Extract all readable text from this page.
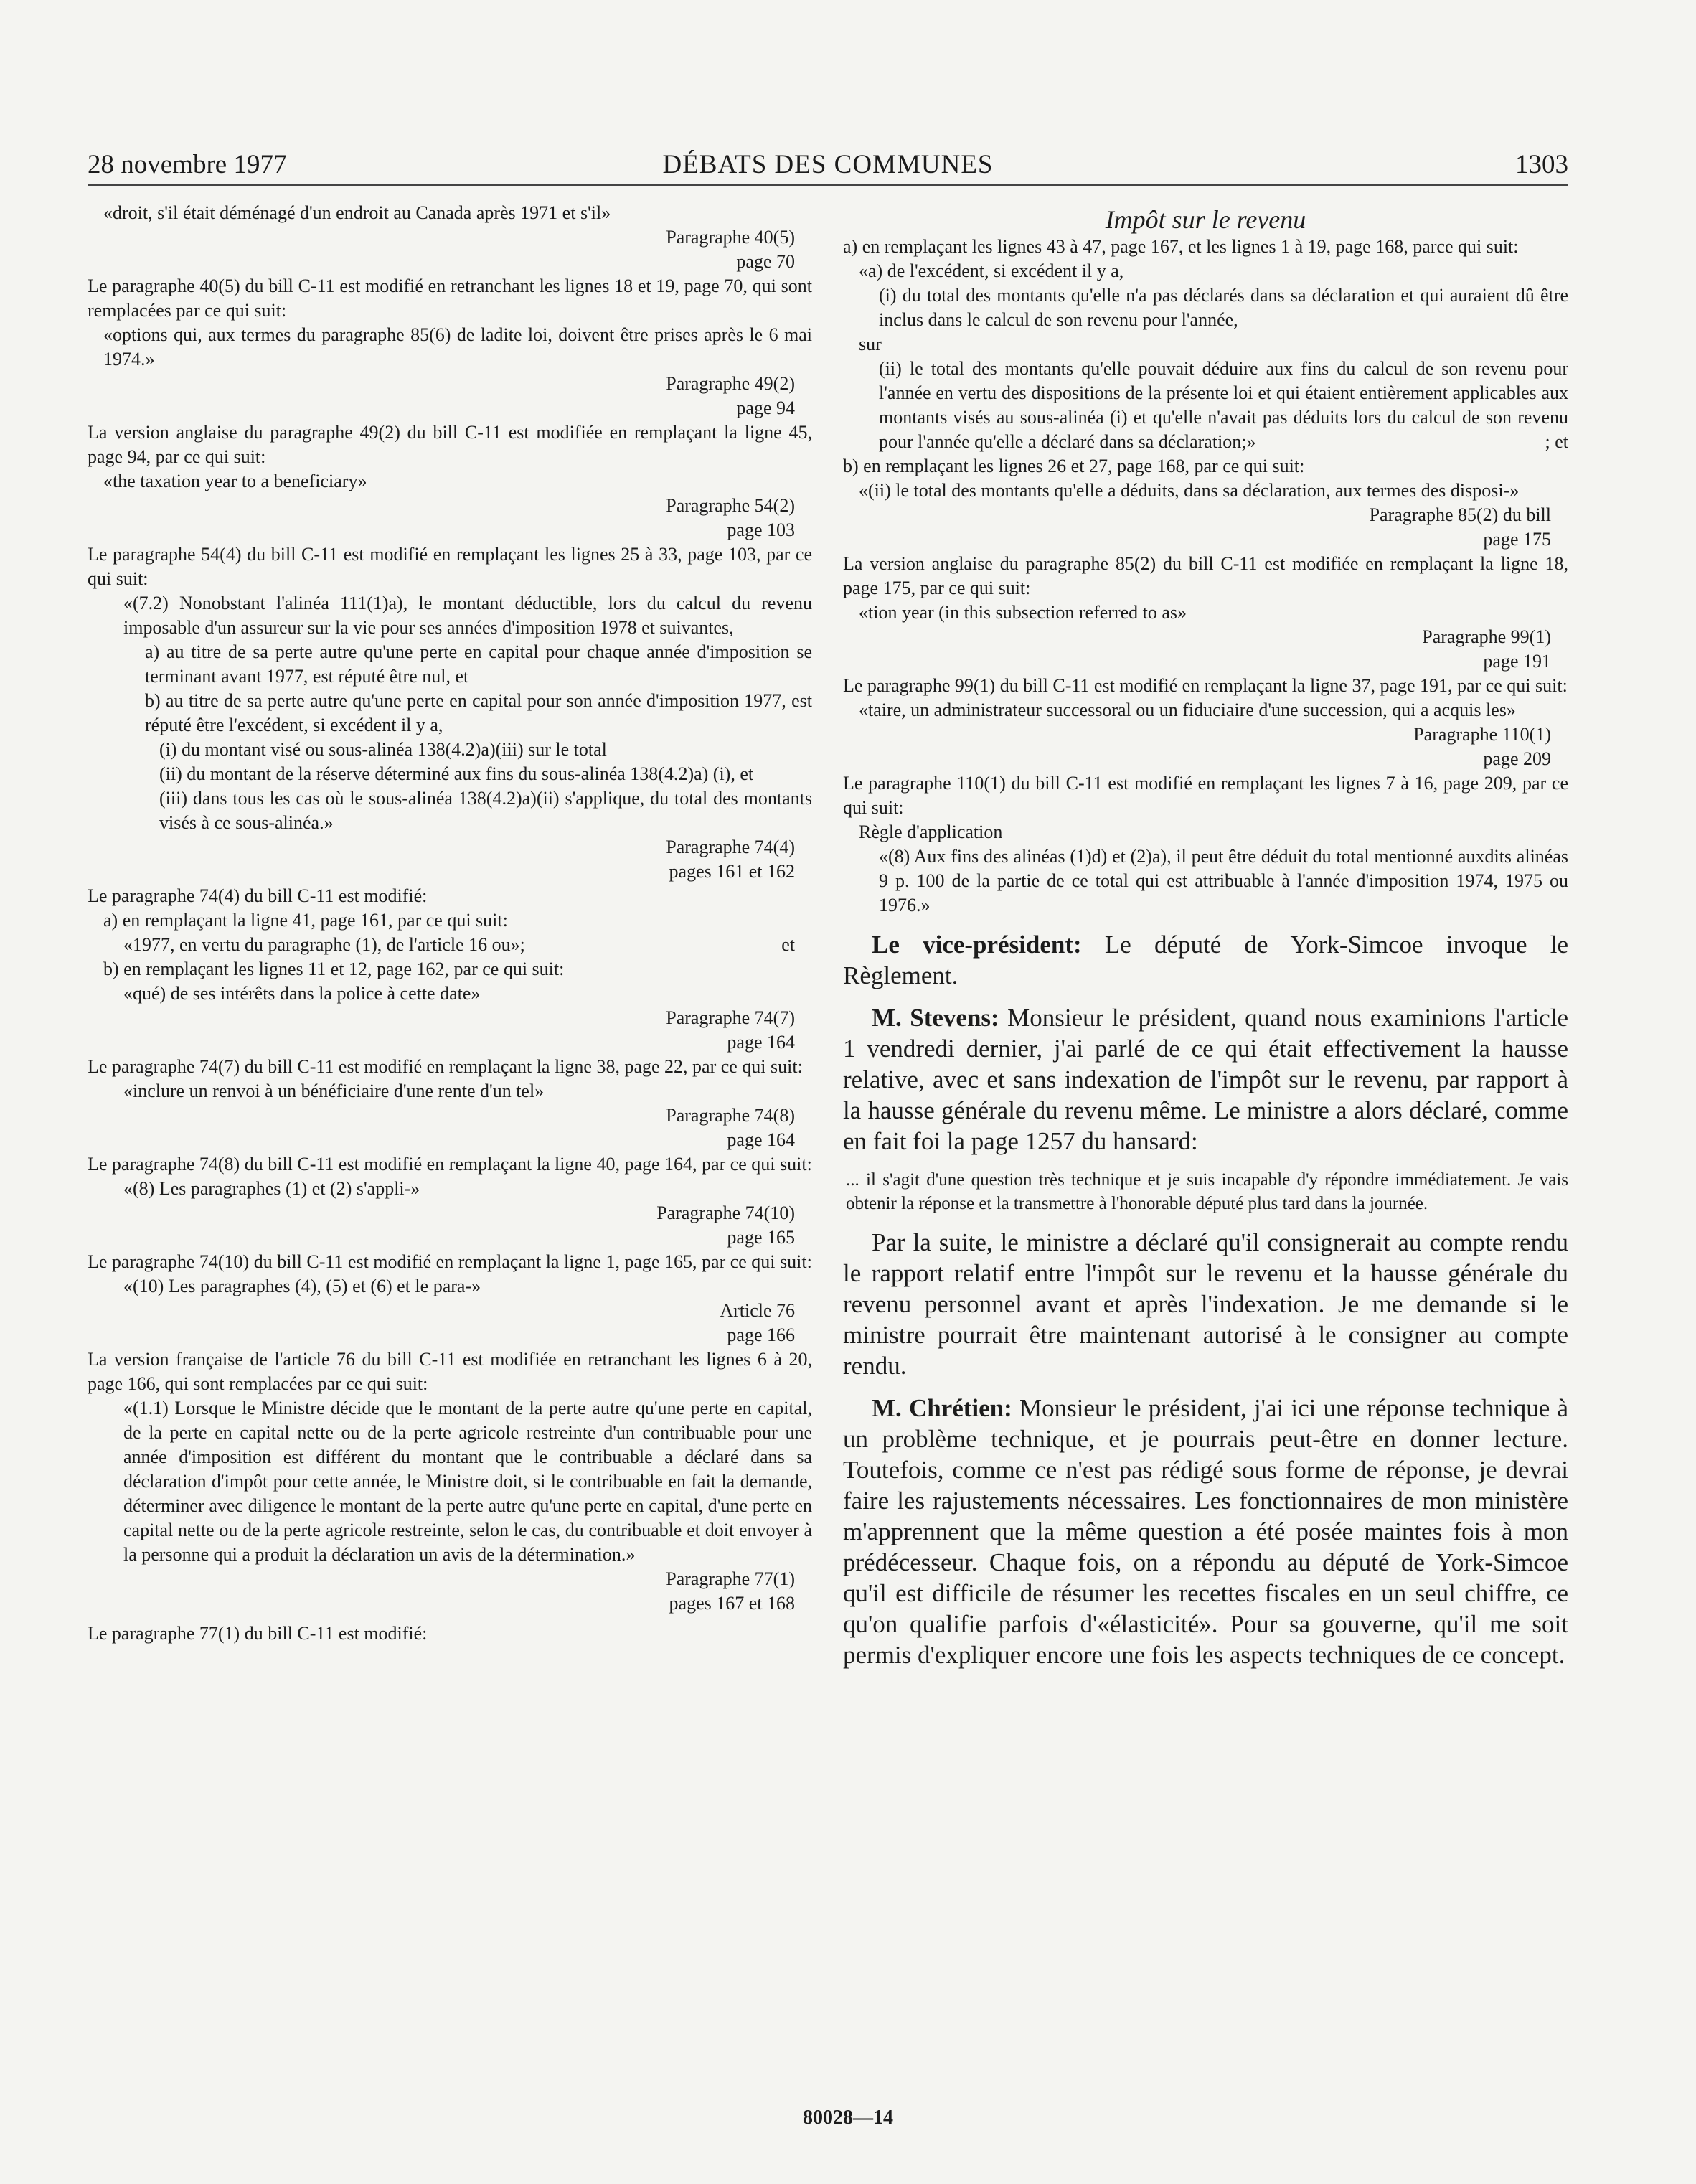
28 novembre 1977	DÉBATS DES COMMUNES	1303
«droit, s'il était déménagé d'un endroit au Canada après 1971 et s'il»
Paragraphe 40(5)
page 70
Le paragraphe 40(5) du bill C-11 est modifié en retranchant les lignes 18 et 19, page 70, qui sont remplacées par ce qui suit:
«options qui, aux termes du paragraphe 85(6) de ladite loi, doivent être prises après le 6 mai 1974.»
Paragraphe 49(2)
page 94
La version anglaise du paragraphe 49(2) du bill C-11 est modifiée en remplaçant la ligne 45, page 94, par ce qui suit:
«the taxation year to a beneficiary»
Paragraphe 54(2)
page 103
Le paragraphe 54(4) du bill C-11 est modifié en remplaçant les lignes 25 à 33, page 103, par ce qui suit:
«(7.2) Nonobstant l'alinéa 111(1)a), le montant déductible, lors du calcul du revenu imposable d'un assureur sur la vie pour ses années d'imposition 1978 et suivantes,
a) au titre de sa perte autre qu'une perte en capital pour chaque année d'imposition se terminant avant 1977, est réputé être nul, et
b) au titre de sa perte autre qu'une perte en capital pour son année d'imposition 1977, est réputé être l'excédent, si excédent il y a,
(i) du montant visé ou sous-alinéa 138(4.2)a)(iii) sur le total
(ii) du montant de la réserve déterminé aux fins du sous-alinéa 138(4.2)a) (i), et
(iii) dans tous les cas où le sous-alinéa 138(4.2)a)(ii) s'applique, du total des montants visés à ce sous-alinéa.»
Paragraphe 74(4)
pages 161 et 162
Le paragraphe 74(4) du bill C-11 est modifié:
a) en remplaçant la ligne 41, page 161, par ce qui suit:
«1977, en vertu du paragraphe (1), de l'article 16 ou»;	et
b) en remplaçant les lignes 11 et 12, page 162, par ce qui suit:
«qué) de ses intérêts dans la police à cette date»
Paragraphe 74(7)
page 164
Le paragraphe 74(7) du bill C-11 est modifié en remplaçant la ligne 38, page 22, par ce qui suit:
«inclure un renvoi à un bénéficiaire d'une rente d'un tel»
Paragraphe 74(8)
page 164
Le paragraphe 74(8) du bill C-11 est modifié en remplaçant la ligne 40, page 164, par ce qui suit:
«(8) Les paragraphes (1) et (2) s'appli-»
Paragraphe 74(10)
page 165
Le paragraphe 74(10) du bill C-11 est modifié en remplaçant la ligne 1, page 165, par ce qui suit:
«(10) Les paragraphes (4), (5) et (6) et le para-»
Article 76
page 166
La version française de l'article 76 du bill C-11 est modifiée en retranchant les lignes 6 à 20, page 166, qui sont remplacées par ce qui suit:
«(1.1) Lorsque le Ministre décide que le montant de la perte autre qu'une perte en capital, de la perte en capital nette ou de la perte agricole restreinte d'un contribuable pour une année d'imposition est différent du montant que le contribuable a déclaré dans sa déclaration d'impôt pour cette année, le Ministre doit, si le contribuable en fait la demande, déterminer avec diligence le montant de la perte autre qu'une perte en capital, d'une perte en capital nette ou de la perte agricole restreinte, selon le cas, du contribuable et doit envoyer à la personne qui a produit la déclaration un avis de la détermination.»
Paragraphe 77(1)
pages 167 et 168
Le paragraphe 77(1) du bill C-11 est modifié:
Impôt sur le revenu
a) en remplaçant les lignes 43 à 47, page 167, et les lignes 1 à 19, page 168, parce qui suit:
«a) de l'excédent, si excédent il y a,
(i) du total des montants qu'elle n'a pas déclarés dans sa déclaration et qui auraient dû être inclus dans le calcul de son revenu pour l'année,
sur
(ii) le total des montants qu'elle pouvait déduire aux fins du calcul de son revenu pour l'année en vertu des dispositions de la présente loi et qui étaient entièrement applicables aux montants visés au sous-alinéa (i) et qu'elle n'avait pas déduits lors du calcul de son revenu pour l'année qu'elle a déclaré dans sa déclaration;»	; et
b) en remplaçant les lignes 26 et 27, page 168, par ce qui suit:
«(ii) le total des montants qu'elle a déduits, dans sa déclaration, aux termes des disposi-»
Paragraphe 85(2) du bill
page 175
La version anglaise du paragraphe 85(2) du bill C-11 est modifiée en remplaçant la ligne 18, page 175, par ce qui suit:
«tion year (in this subsection referred to as»
Paragraphe 99(1)
page 191
Le paragraphe 99(1) du bill C-11 est modifié en remplaçant la ligne 37, page 191, par ce qui suit:
«taire, un administrateur successoral ou un fiduciaire d'une succession, qui a acquis les»
Paragraphe 110(1)
page 209
Le paragraphe 110(1) du bill C-11 est modifié en remplaçant les lignes 7 à 16, page 209, par ce qui suit:
Règle d'application
«(8) Aux fins des alinéas (1)d) et (2)a), il peut être déduit du total mentionné auxdits alinéas 9 p. 100 de la partie de ce total qui est attribuable à l'année d'imposition 1974, 1975 ou 1976.»
Le vice-président: Le député de York-Simcoe invoque le Règlement.
M. Stevens: Monsieur le président, quand nous examinions l'article 1 vendredi dernier, j'ai parlé de ce qui était effectivement la hausse relative, avec et sans indexation de l'impôt sur le revenu, par rapport à la hausse générale du revenu même. Le ministre a alors déclaré, comme en fait foi la page 1257 du hansard:
... il s'agit d'une question très technique et je suis incapable d'y répondre immédiatement. Je vais obtenir la réponse et la transmettre à l'honorable député plus tard dans la journée.
Par la suite, le ministre a déclaré qu'il consignerait au compte rendu le rapport relatif entre l'impôt sur le revenu et la hausse générale du revenu personnel avant et après l'indexation. Je me demande si le ministre pourrait être maintenant autorisé à le consigner au compte rendu.
M. Chrétien: Monsieur le président, j'ai ici une réponse technique à un problème technique, et je pourrais peut-être en donner lecture. Toutefois, comme ce n'est pas rédigé sous forme de réponse, je devrai faire les rajustements nécessaires. Les fonctionnaires de mon ministère m'apprennent que la même question a été posée maintes fois à mon prédécesseur. Chaque fois, on a répondu au député de York-Simcoe qu'il est difficile de résumer les recettes fiscales en un seul chiffre, ce qu'on qualifie parfois d'«élasticité». Pour sa gouverne, qu'il me soit permis d'expliquer encore une fois les aspects techniques de ce concept.
80028—14
